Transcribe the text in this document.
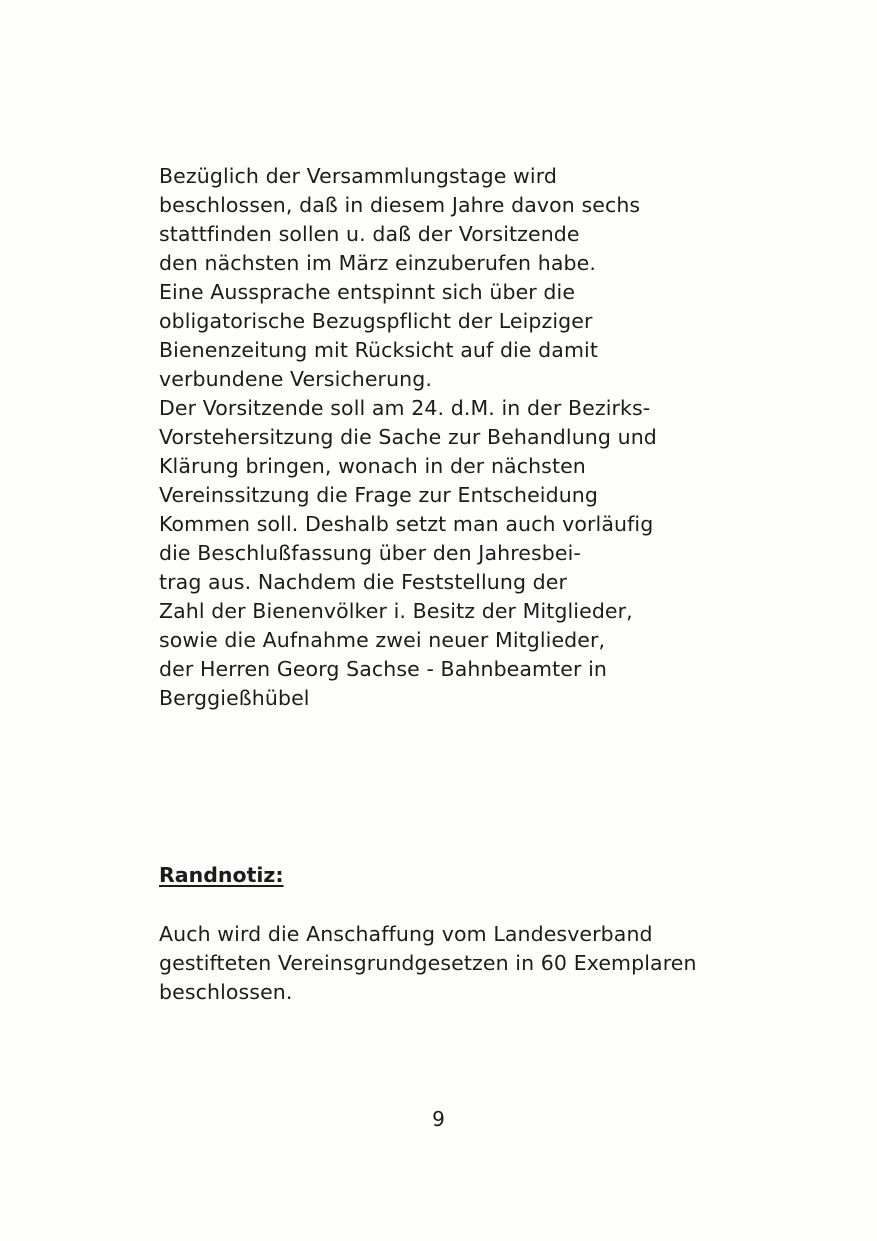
Bezüglich der Versammlungstage wird
beschlossen, daß in diesem Jahre davon sechs
stattfinden sollen u. daß der Vorsitzende
den nächsten im März einzuberufen habe.
Eine Aussprache entspinnt sich über die
obligatorische Bezugspflicht der Leipziger
Bienenzeitung mit Rücksicht auf die damit
verbundene Versicherung.
Der Vorsitzende soll am 24. d.M. in der Bezirks-
Vorstehersitzung die Sache zur Behandlung und
Klärung bringen, wonach in der nächsten
Vereinssitzung die Frage zur Entscheidung
Kommen soll. Deshalb setzt man auch vorläufig
die Beschlußfassung über den Jahresbei-
trag aus. Nachdem die Feststellung der
Zahl der Bienenvölker i. Besitz der Mitglieder,
sowie die Aufnahme zwei neuer Mitglieder,
der Herren Georg Sachse - Bahnbeamter in
Berggießhübel
Randnotiz:
Auch wird die Anschaffung vom Landesverband
gestifteten Vereinsgrundgesetzen in 60 Exemplaren
beschlossen.
9
